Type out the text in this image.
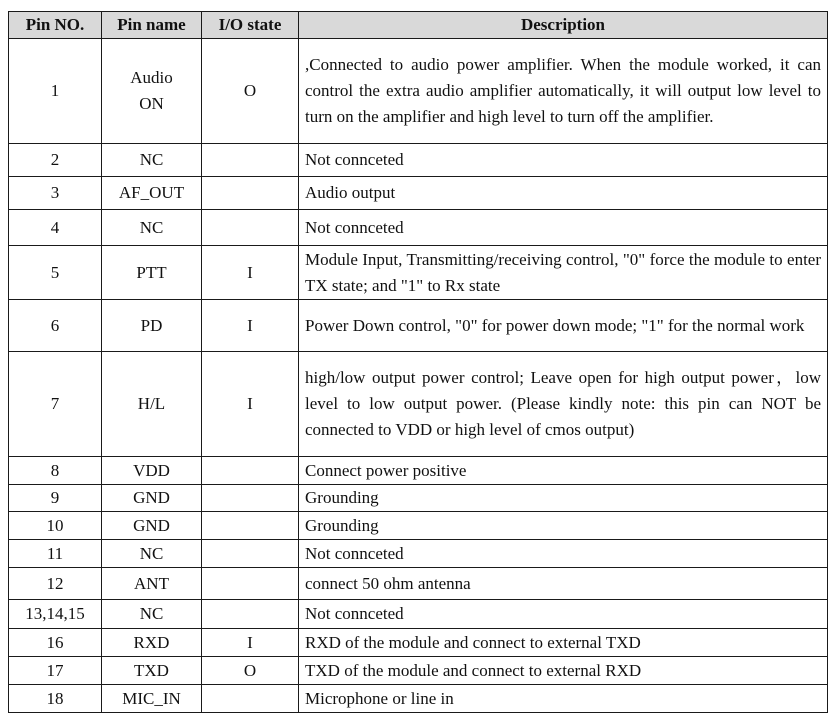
Pin NO.	Pin name	I/O state	Description
1	Audio ON	O	,Connected to audio power amplifier. When the module worked, it can control the extra audio amplifier automatically, it will output low level to turn on the amplifier and high level to turn off the amplifier.
2	NC		Not connceted
3	AF_OUT		Audio output
4	NC		Not connceted
5	PTT	I	Module Input, Transmitting/receiving control, "0" force the module to enter TX state; and "1" to Rx state
6	PD	I	Power Down control, "0" for power down mode; "1" for the normal work
7	H/L	I	high/low output power control; Leave open for high output power，low level to low output power. (Please kindly note: this pin can NOT be connected to VDD or high level of cmos output)
8	VDD		Connect power positive
9	GND		Grounding
10	GND		Grounding
11	NC		Not connceted
12	ANT		connect 50 ohm antenna
13,14,15	NC		Not connceted
16	RXD	I	RXD of the module and connect to external TXD
17	TXD	O	TXD of the module and connect to external RXD
18	MIC_IN		Microphone or line in
